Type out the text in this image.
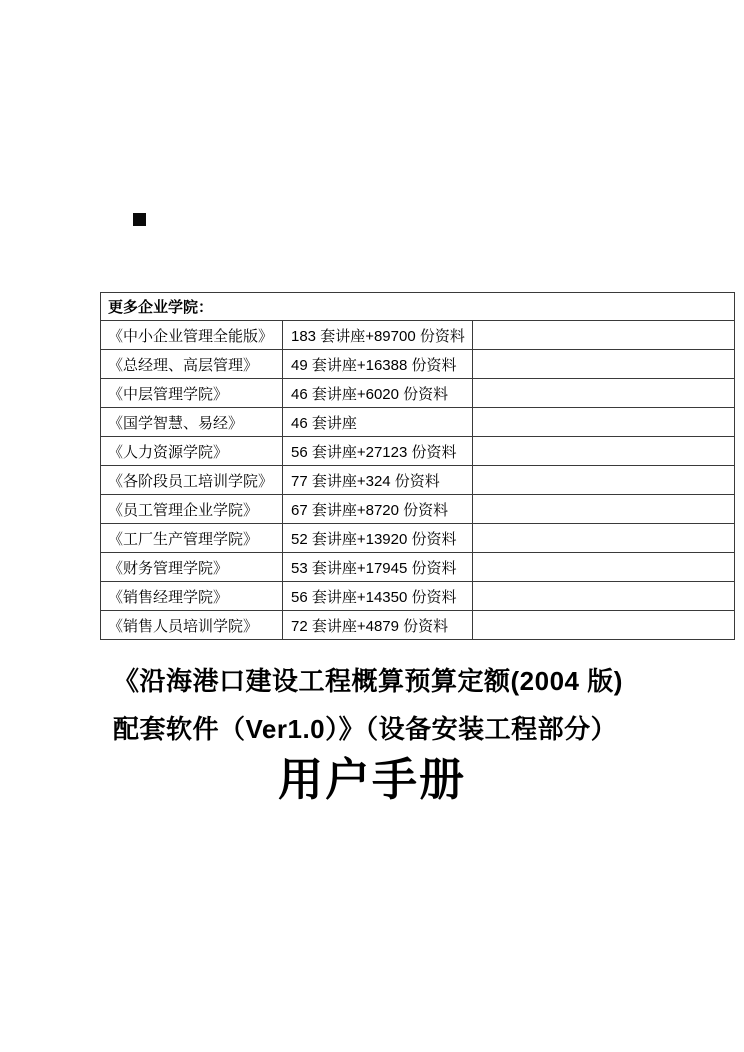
更多企业学院：		
《中小企业管理全能版》	183 套讲座+89700 份资料	
《总经理、高层管理》	49 套讲座+16388 份资料	
《中层管理学院》	46 套讲座+6020 份资料	
《国学智慧、易经》	46 套讲座	
《人力资源学院》	56 套讲座+27123 份资料	
《各阶段员工培训学院》	77 套讲座+324 份资料	
《员工管理企业学院》	67 套讲座+8720 份资料	
《工厂生产管理学院》	52 套讲座+13920 份资料	
《财务管理学院》	53 套讲座+17945 份资料	
《销售经理学院》	56 套讲座+14350 份资料	
《销售人员培训学院》	72 套讲座+4879 份资料	
《沿海港口建设工程概算预算定额(2004 版)
配套软件（Ver1.0）》（设备安装工程部分）
用户手册
